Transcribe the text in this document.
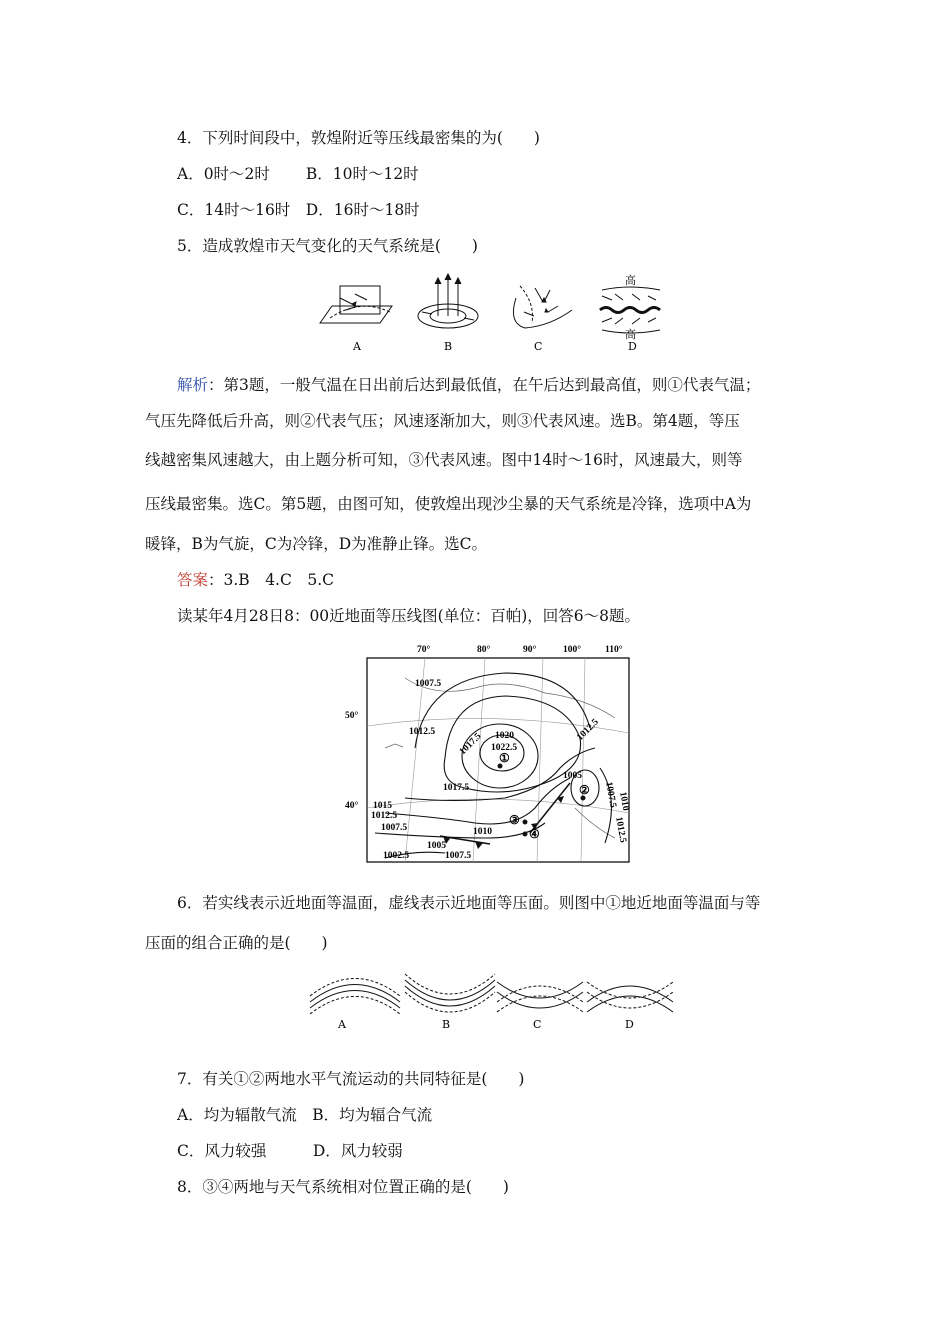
4．下列时间段中，敦煌附近等压线最密集的为(　　)
A．0时～2时　　 B．10时～12时
C．14时～16时　D．16时～18时
5．造成敦煌市天气变化的天气系统是(　　)
A	B	C
高
高
D
解析：第3题，一般气温在日出前后达到最低值，在午后达到最高值，则①代表气温；
气压先降低后升高，则②代表气压；风速逐渐加大，则③代表风速。选B。第4题，等压
线越密集风速越大，由上题分析可知，③代表风速。图中14时～16时，风速最大，则等
压线最密集。选C。第5题，由图可知，使敦煌出现沙尘暴的天气系统是冷锋，选项中A为
暖锋，B为气旋，C为冷锋，D为准静止锋。选C。
答案：3.B　4.C　5.C
读某年4月28日8：00近地面等压线图(单位：百帕)，回答6～8题。
70°	80°	90°	100°	110°
50°
40°
1007.5
1012.5 1017.5 1020
1022.5
1017.5
1015
1012.5
1007.5	1010
1005
1007.5
1002.5
1005
1007.5
1012.5
1010
1012.5
①
②
③
④
6．若实线表示近地面等温面，虚线表示近地面等压面。则图中①地近地面等温面与等
压面的组合正确的是(　　)
A	B	C	D
7．有关①②两地水平气流运动的共同特征是(　　)
A．均为辐散气流　B．均为辐合气流
C．风力较强　　　D．风力较弱
8．③④两地与天气系统相对位置正确的是(　　)
